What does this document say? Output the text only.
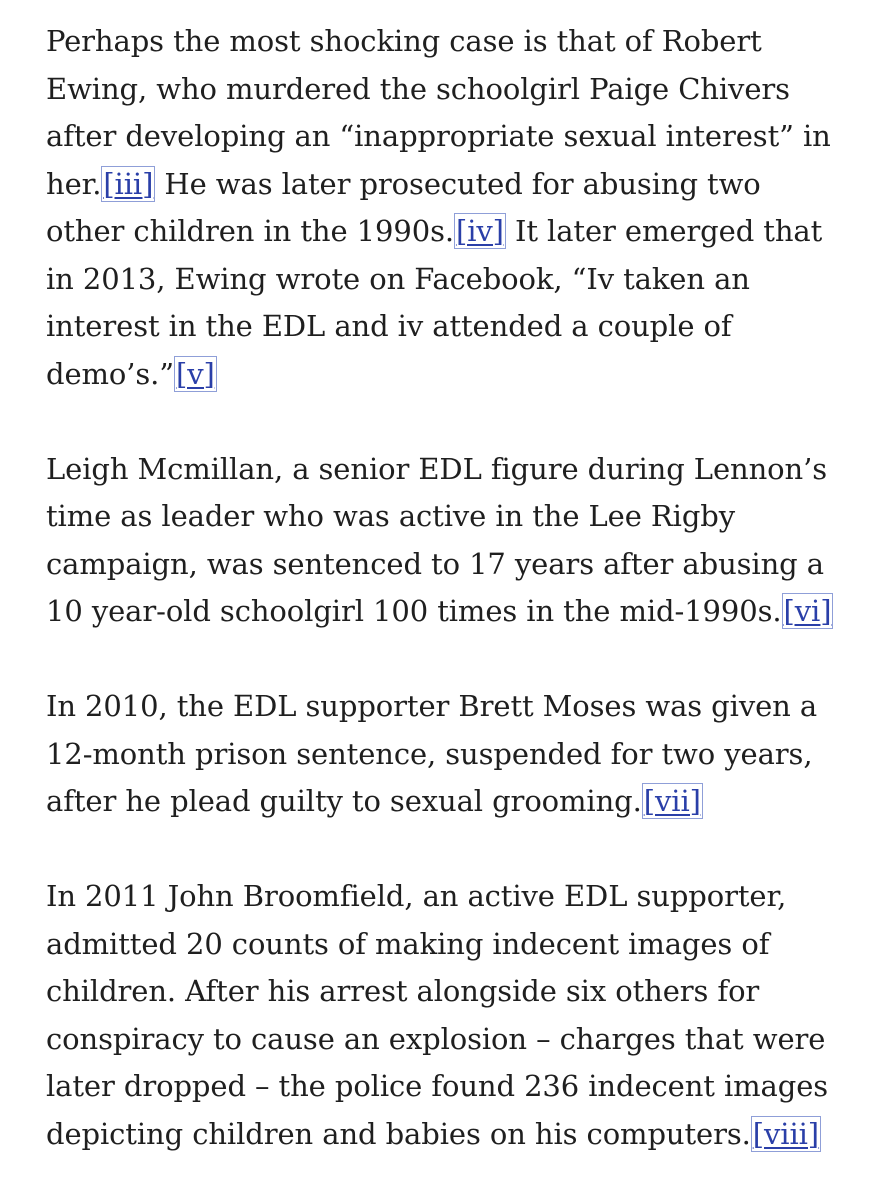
Perhaps the most shocking case is that of Robert
Ewing, who murdered the schoolgirl Paige Chivers
after developing an “inappropriate sexual interest” in
her.[iii] He was later prosecuted for abusing two
other children in the 1990s.[iv] It later emerged that
in 2013, Ewing wrote on Facebook, “Iv taken an
interest in the EDL and iv attended a couple of
demo’s.”[v]

Leigh Mcmillan, a senior EDL figure during Lennon’s
time as leader who was active in the Lee Rigby
campaign, was sentenced to 17 years after abusing a
10 year-old schoolgirl 100 times in the mid-1990s.[vi]

In 2010, the EDL supporter Brett Moses was given a
12-month prison sentence, suspended for two years,
after he plead guilty to sexual grooming.[vii]

In 2011 John Broomfield, an active EDL supporter,
admitted 20 counts of making indecent images of
children. After his arrest alongside six others for
conspiracy to cause an explosion – charges that were
later dropped – the police found 236 indecent images
depicting children and babies on his computers.[viii]
